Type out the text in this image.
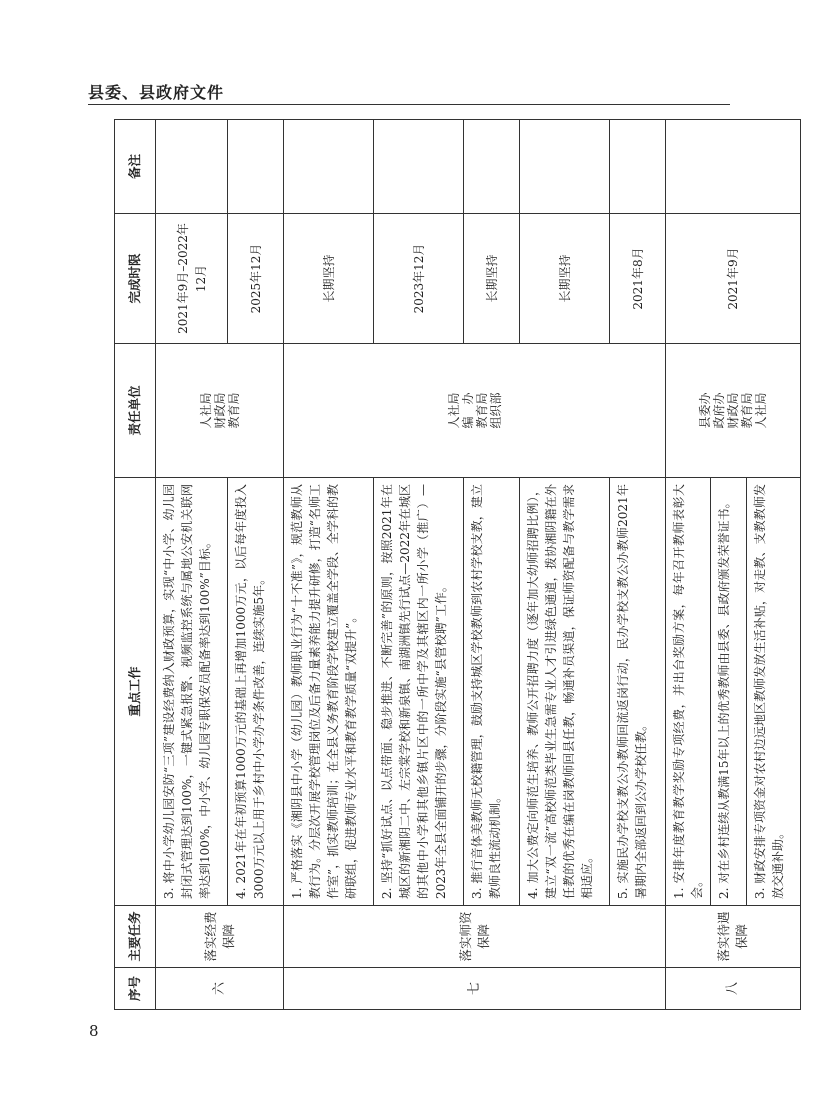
县委、县政府文件
序号	主要任务	重点工作	责任单位	完成时限	备注
六	落实经费保障	3. 将中小学幼儿园安防“三项”建设经费纳入财政预算，实现“中小学、幼儿园封闭式管理达到100%，一键式紧急报警、视频监控系统与属地公安机关联网率达到100%，中小学、幼儿园专职保安员配备率达到100%”目标。	人社局 财政局 教育局	2021年9月–2022年12月	
		4. 2021年在年初预算1000万元的基础上再增加1000万元，以后每年度投入3000万元以上用于乡村中小学办学条件改善，连续实施5年。		2025年12月	
七	落实师资保障	1. 严格落实《湘阴县中小学（幼儿园）教师职业行为“十不准”》，规范教师从教行为。分层次开展学校管理岗位及后备力量素养能力提升研修，打造“名师工作室”，抓实教师培训；在全县义务教育阶段学校建立覆盖全学段、全学科的教研联组，促进教师专业水平和教育教学质量“双提升”。	人社局 编　办 教育局 组织部	长期坚持	
		2. 坚持“抓好试点、以点带面、稳步推进、不断完善”的原则，按照2021年在城区的新湘阴二中、左宗棠学校和新泉镇、南湖洲镇先行试点—2022年在城区的其他中小学和其他乡镇片区中的一所中学及其辖区内一所小学（推广）—2023年全县全面铺开的步骤，分阶段实施“县管校聘”工作。		2023年12月	
		3. 推行音体美教师无校籍管理，鼓励支持城区学校教师到农村学校支教，建立教师良性流动机制。		长期坚持	
		4. 加大公费定向师范生培养、教师公开招聘力度（逐年加大幼师招聘比例），建立“双一流”高校师范类毕业生急需专业人才引进绿色通道，拨协湘阴籍在外任教的优秀在编在岗教师回县任教，畅通补员渠道，保证师资配备与教学需求相适应。		长期坚持	
		5. 实施民办学校支教公办教师回流返岗行动，民办学校支教公办教师2021年暑期内全部返回到公办学校任教。		2021年8月	
八	落实待遇保障	1. 安排年度教育教学奖励专项经费，并出台奖励方案，每年召开教师表彰大会。	县委办 政府办 财政局 教育局 人社局	2021年9月	
		2. 对在乡村连续从教满15年以上的优秀教师由县委、县政府颁发荣誉证书。			
		3. 财政安排专项资金对农村边远地区教师发放生活补贴，对走教、支教教师发放交通补助。			
8
